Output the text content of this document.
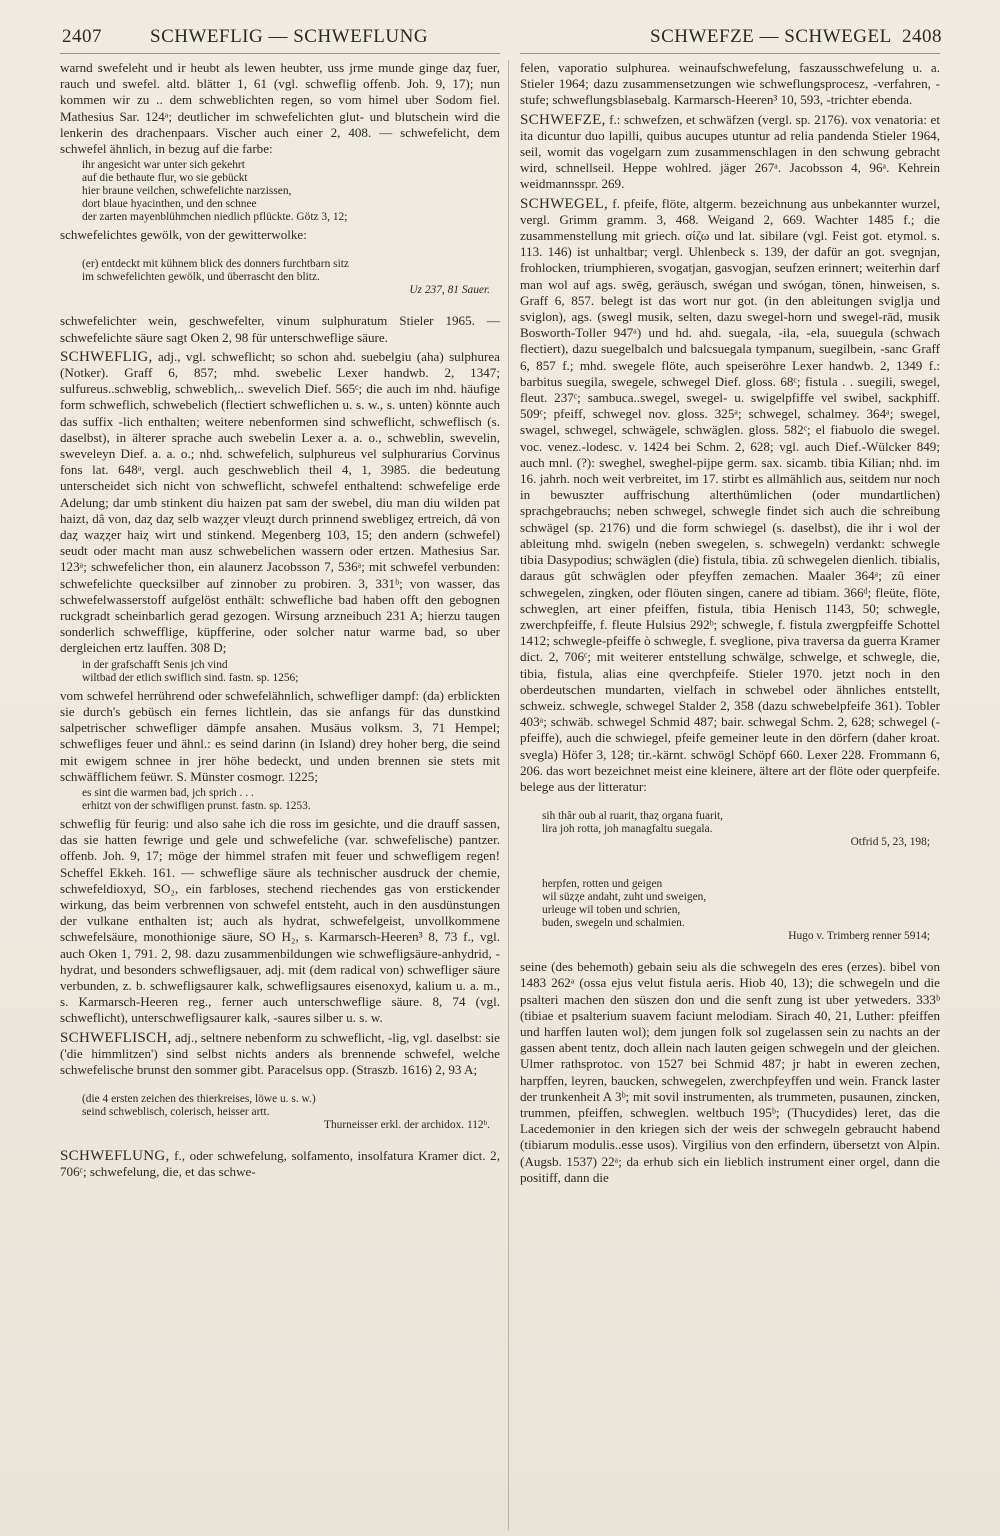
2407	SCHWEFLIG — SCHWEFLUNG	SCHWEFZE — SCHWEGEL 2408

warnd swefeleht und ir heubt als lewen heubter, uss jrme munde ginge daȥ fuer, rauch und swefel. altd. blätter 1, 61 (vgl. schweflig offenb. Joh. 9, 17); nun kommen wir zu .. dem schweblichten regen, so vom himel uber Sodom fiel. Mathesius Sar. 124ᵃ; deutlicher im schwefelichten glut- und blutschein wird die lenkerin des drachenpaars. Vischer auch einer 2, 408. — schwefelicht, dem schwefel ähnlich, in bezug auf die farbe:

ihr angesicht war unter sich gekehrt
auf die bethaute flur, wo sie gebückt
hier braune veilchen, schwefelichte narzissen,
dort blaue hyacinthen, und den schnee
der zarten mayenblühmchen niedlich pflückte. Götz 3, 12;

schwefelichtes gewölk, von der gewitterwolke:

(er) entdeckt mit kühnem blick des donners furchtbarn sitz
im schwefelichten gewölk, und überrascht den blitz.

Uz 237, 81 Sauer.

schwefelichter wein, geschwefelter, vinum sulphuratum Stieler 1965. — schwefelichte säure sagt Oken 2, 98 für unterschweflige säure.

SCHWEFLIG, adj., vgl. schweflicht; so schon ahd. suebelgiu (aha) sulphurea (Notker). Graff 6, 857; mhd. swebelic Lexer handwb. 2, 1347; sulfureus..schweblig, schweblich,.. swevelich Dief. 565ᶜ; die auch im nhd. häufige form schweflich, schwebelich (flectiert schweflichen u. s. w., s. unten) könnte auch das suffix -lich enthalten; weitere nebenformen sind schweflicht, schweflisch (s. daselbst), in älterer sprache auch swebelin Lexer a. a. o., schweblin, swevelin, sweveleyn Dief. a. a. o.; nhd. schwefelich, sulphureus vel sulphurarius Corvinus fons lat. 648ᵃ, vergl. auch geschweblich theil 4, 1, 3985. die bedeutung unterscheidet sich nicht von schweflicht, schwefel enthaltend: schwefelige erde Adelung; dar umb stinkent diu haizen pat sam der swebel, diu man diu wilden pat haizt, dâ von, daȥ daȥ selb waȥȥer vleuȥt durch prinnend swebligeȥ ertreich, dâ von daȥ waȥȥer haiȥ wirt und stinkend. Megenberg 103, 15; den andern (schwefel) seudt oder macht man ausz schwebelichen wassern oder ertzen. Mathesius Sar. 123ᵃ; schwefelicher thon, ein alaunerz Jacobsson 7, 536ᵃ; mit schwefel verbunden: schwefelichte quecksilber auf zinnober zu probiren. 3, 331ᵇ; von wasser, das schwefelwasserstoff aufgelöst enthält: schwefliche bad haben offt den gebognen ruckgradt scheinbarlich gerad gezogen. Wirsung arzneibuch 231 A; hierzu taugen sonderlich schwefflige, küpfferine, oder solcher natur warme bad, so uber dergleichen ertz lauffen. 308 D;

in der grafschafft Senis jch vind
wiltbad der etlich swiflich sind. fastn. sp. 1256;

vom schwefel herrührend oder schwefelähnlich, schwefliger dampf: (da) erblickten sie durch's gebüsch ein fernes lichtlein, das sie anfangs für das dunstkind salpetrischer schwefliger dämpfe ansahen. Musäus volksm. 3, 71 Hempel; schwefliges feuer und ähnl.: es seind darinn (in Island) drey hoher berg, die seind mit ewigem schnee in jrer höhe bedeckt, und unden brennen sie stets mit schwäfflichem feüwr. S. Münster cosmogr. 1225;

es sint die warmen bad, jch sprich . . .
erhitzt von der schwifligen prunst. fastn. sp. 1253.

schweflig für feurig: und also sahe ich die ross im gesichte, und die drauff sassen, das sie hatten fewrige und gele und schwefeliche (var. schwefelische) pantzer. offenb. Joh. 9, 17; möge der himmel strafen mit feuer und schwefligem regen! Scheffel Ekkeh. 161. — schweflige säure als technischer ausdruck der chemie, schwefeldioxyd, SO₂, ein farbloses, stechend riechendes gas von erstickender wirkung, das beim verbrennen von schwefel entsteht, auch in den ausdünstungen der vulkane enthalten ist; auch als hydrat, schwefelgeist, unvollkommene schwefelsäure, monothionige säure, SO H₂, s. Karmarsch-Heeren³ 8, 73 f., vgl. auch Oken 1, 791. 2, 98. dazu zusammenbildungen wie schwefligsäure-anhydrid, -hydrat, und besonders schwefligsauer, adj. mit (dem radical von) schwefliger säure verbunden, z. b. schwefligsaurer kalk, schwefligsaures eisenoxyd, kalium u. a. m., s. Karmarsch-Heeren reg., ferner auch unterschweflige säure. 8, 74 (vgl. schweflicht), unterschwefligsaurer kalk, -saures silber u. s. w.

SCHWEFLISCH, adj., seltnere nebenform zu schweflicht, -lig, vgl. daselbst: sie ('die himmlitzen') sind selbst nichts anders als brennende schwefel, welche schwefelische brunst den sommer gibt. Paracelsus opp. (Straszb. 1616) 2, 93 A;

(die 4 ersten zeichen des thierkreises, löwe u. s. w.)
seind schweblisch, colerisch, heisser artt.

Thurneisser erkl. der archidox. 112ᵇ.

SCHWEFLUNG, f., oder schwefelung, solfamento, insolfatura Kramer dict. 2, 706ᶜ; schwefelung, die, et das schwe-

felen, vaporatio sulphurea. weinaufschwefelung, faszausschwefelung u. a. Stieler 1964; dazu zusammensetzungen wie schweflungsprocesz, -verfahren, -stufe; schweflungsblasebalg. Karmarsch-Heeren³ 10, 593, -trichter ebenda.

SCHWEFZE, f.: schwefzen, et schwäfzen (vergl. sp. 2176). vox venatoria: et ita dicuntur duo lapilli, quibus aucupes utuntur ad relia pandenda Stieler 1964, seil, womit das vogelgarn zum zusammenschlagen in den schwung gebracht wird, schnellseil. Heppe wohlred. jäger 267ᵃ. Jacobsson 4, 96ᵃ. Kehrein weidmannsspr. 269.

SCHWEGEL, f. pfeife, flöte, altgerm. bezeichnung aus unbekannter wurzel, vergl. Grimm gramm. 3, 468. Weigand 2, 669. Wachter 1485 f.; die zusammenstellung mit griech. σίζω und lat. sibilare (vgl. Feist got. etymol. s. 113. 146) ist unhaltbar; vergl. Uhlenbeck s. 139, der dafür an got. svegnjan, frohlocken, triumphieren, svogatjan, gasvogjan, seufzen erinnert; weiterhin darf man wol auf ags. swēg, geräusch, swégan und swógan, tönen, hinweisen, s. Graff 6, 857. belegt ist das wort nur got. (in den ableitungen sviglja und sviglon), ags. (swegl musik, selten, dazu swegel-horn und swegel-rād, musik Bosworth-Toller 947ᵃ) und hd. ahd. suegala, -ila, -ela, suuegula (schwach flectiert), dazu suegelbalch und balcsuegala tympanum, suegilbein, -sanc Graff 6, 857 f.; mhd. swegele flöte, auch speiseröhre Lexer handwb. 2, 1349 f.: barbitus suegila, swegele, schwegel Dief. gloss. 68ᶜ; fistula . . suegili, swegel, fleut. 237ᶜ; sambuca..swegel, swegel- u. swigelpfiffe vel swibel, sackphiff. 509ᶜ; pfeiff, schwegel nov. gloss. 325ᵃ; schwegel, schalmey. 364ᵃ; swegel, swagel, schwegel, schwägele, schwäglen. gloss. 582ᶜ; el fiabuolo die swegel. voc. venez.-lodesc. v. 1424 bei Schm. 2, 628; vgl. auch Dief.-Wülcker 849; auch mnl. (?): sweghel, sweghel-pijpe germ. sax. sicamb. tibia Kilian; nhd. im 16. jahrh. noch weit verbreitet, im 17. stirbt es allmählich aus, seitdem nur noch in bewuszter auffrischung alterthümlichen (oder mundartlichen) sprachgebrauchs; neben schwegel, schwegle findet sich auch die schreibung schwägel (sp. 2176) und die form schwiegel (s. daselbst), die ihr i wol der ableitung mhd. swigeln (neben swegelen, s. schwegeln) verdankt: schwegle tibia Dasypodius; schwäglen (die) fistula, tibia. zû schwegelen dienlich. tibialis, daraus gût schwäglen oder pfeyffen zemachen. Maaler 364ᵃ; zû einer schwegelen, zingken, oder flöuten singen, canere ad tibiam. 366ᵈ; fleüte, flöte, schweglen, art einer pfeiffen, fistula, tibia Henisch 1143, 50; schwegle, zwerchpfeiffe, f. fleute Hulsius 292ᵇ; schwegle, f. fistula zwergpfeiffe Schottel 1412; schwegle-pfeiffe ò schwegle, f. sveglione, piva traversa da guerra Kramer dict. 2, 706ᶜ; mit weiterer entstellung schwälge, schwelge, et schwegle, die, tibia, fistula, alias eine qverchpfeife. Stieler 1970. jetzt noch in den oberdeutschen mundarten, vielfach in schwebel oder ähnliches entstellt, schweiz. schwegle, schwegel Stalder 2, 358 (dazu schwebelpfeife 361). Tobler 403ᵃ; schwäb. schwegel Schmid 487; bair. schwegal Schm. 2, 628; schwegel (-pfeiffe), auch die schwiegel, pfeife gemeiner leute in den dörfern (daher kroat. svegla) Höfer 3, 128; tir.-kärnt. schwögl Schöpf 660. Lexer 228. Frommann 6, 206. das wort bezeichnet meist eine kleinere, ältere art der flöte oder querpfeife. belege aus der litteratur:

sih thâr oub al ruarit, thaȥ organa fuarit,
lira joh rotta, joh managfaltu suegala.

Otfrid 5, 23, 198;

herpfen, rotten und geigen
wil süȥȥe andaht, zuht und sweigen,
urleuge wil toben und schrien,
buden, swegeln und schalmien.

Hugo v. Trimberg renner 5914;

seine (des behemoth) gebain seiu als die schwegeln des eres (erzes). bibel von 1483 262ᵃ (ossa ejus velut fistula aeris. Hiob 40, 13); die schwegeln und die psalteri machen den süszen don und die senft zung ist uber yetweders. 333ᵇ (tibiae et psalterium suavem faciunt melodiam. Sirach 40, 21, Luther: pfeiffen und harffen lauten wol); dem jungen folk sol zugelassen sein zu nachts an der gassen abent tentz, doch allein nach lauten geigen schwegeln und der gleichen. Ulmer rathsprotoc. von 1527 bei Schmid 487; jr habt in eweren zechen, harpffen, leyren, baucken, schwegelen, zwerchpfeyffen und wein. Franck laster der trunkenheit A 3ᵇ; mit sovil instrumenten, als trummeten, pusaunen, zincken, trummen, pfeiffen, schweglen. weltbuch 195ᵇ; (Thucydides) leret, das die Lacedemonier in den kriegen sich der weis der schwegeln gebraucht habend (tibiarum modulis..esse usos). Virgilius von den erfindern, übersetzt von Alpin. (Augsb. 1537) 22ᵃ; da erhub sich ein lieblich instrument einer orgel, dann die positiff, dann die
